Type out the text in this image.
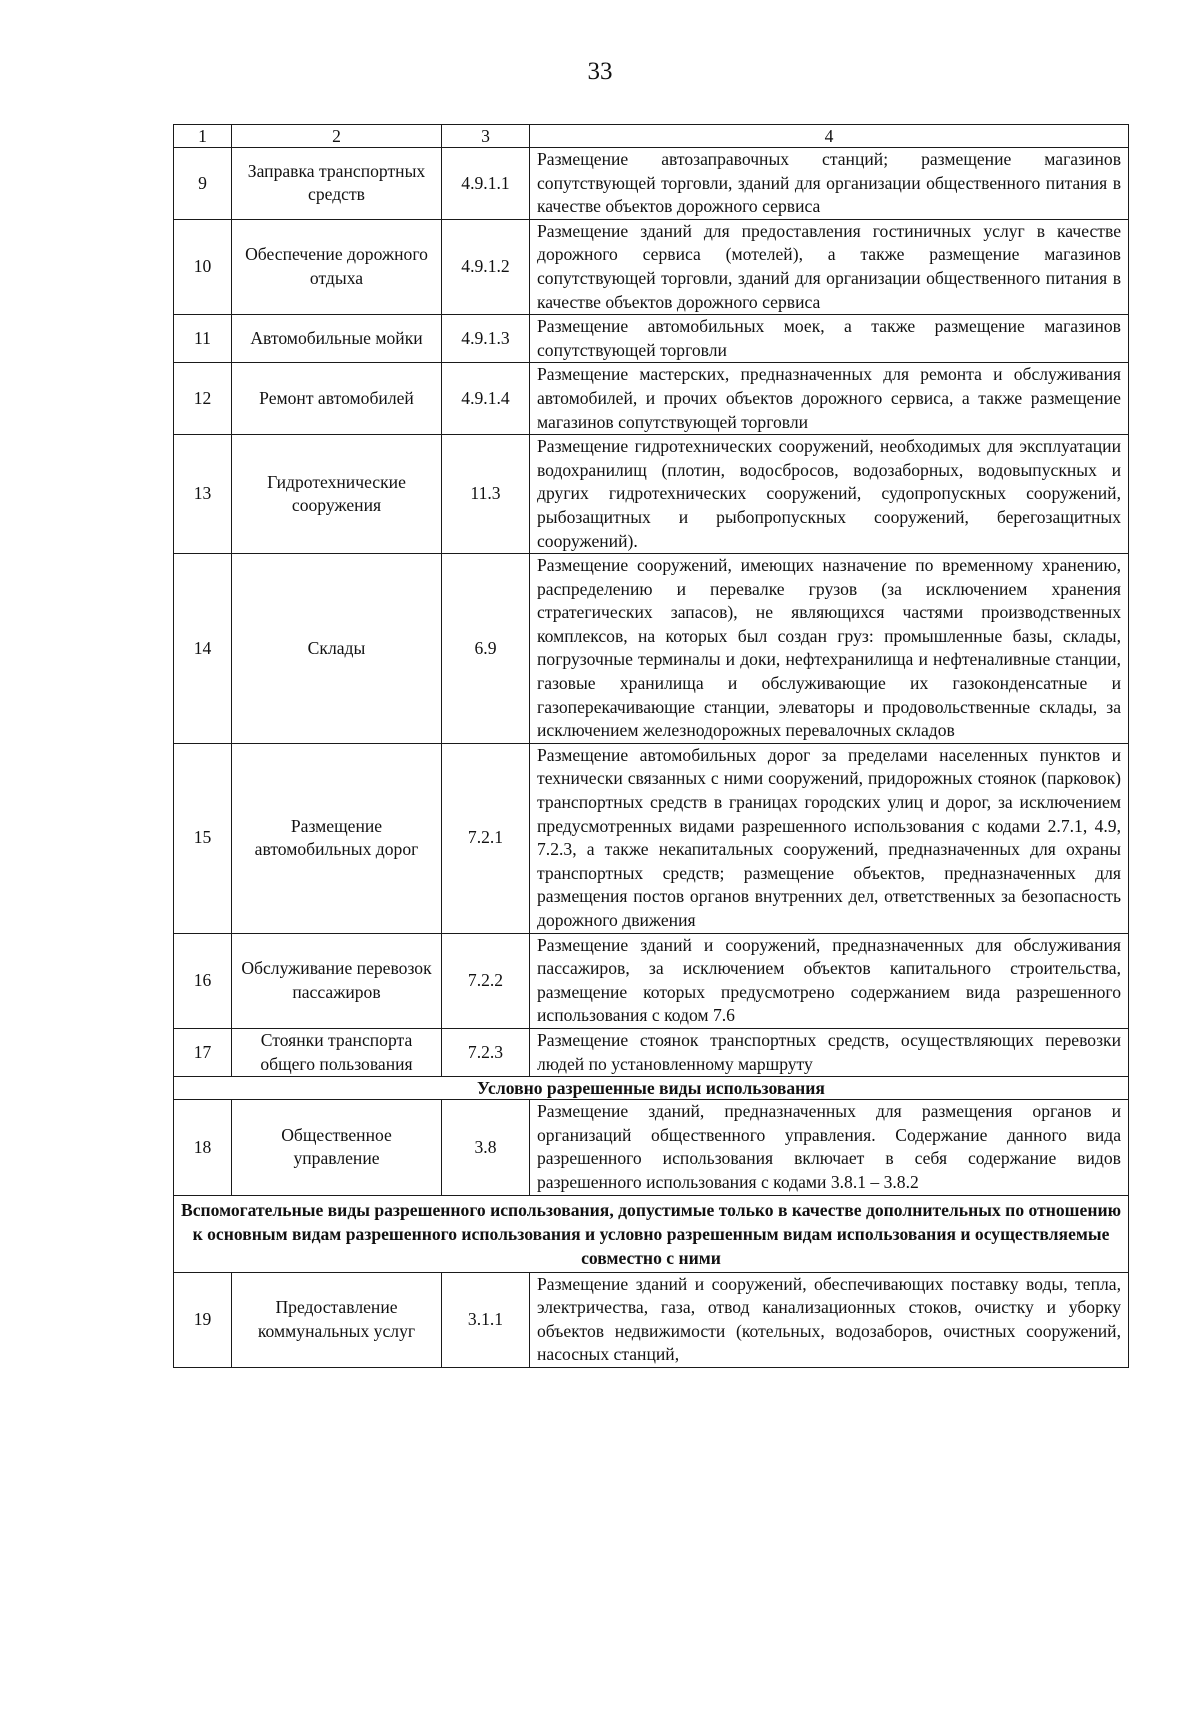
33
1	2	3	4
9	Заправка транспортных средств	4.9.1.1	Размещение автозаправочных станций; размещение магазинов сопутствующей торговли, зданий для организации общественного питания в качестве объектов дорожного сервиса
10	Обеспечение дорожного отдыха	4.9.1.2	Размещение зданий для предоставления гостиничных услуг в качестве дорожного сервиса (мотелей), а также размещение магазинов сопутствующей торговли, зданий для организации общественного питания в качестве объектов дорожного сервиса
11	Автомобильные мойки	4.9.1.3	Размещение автомобильных моек, а также размещение магазинов сопутствующей торговли
12	Ремонт автомобилей	4.9.1.4	Размещение мастерских, предназначенных для ремонта и обслуживания автомобилей, и прочих объектов дорожного сервиса, а также размещение магазинов сопутствующей торговли
13	Гидротехнические сооружения	11.3	Размещение гидротехнических сооружений, необходимых для эксплуатации водохранилищ (плотин, водосбросов, водозаборных, водовыпускных и других гидротехнических сооружений, судопропускных сооружений, рыбозащитных и рыбопропускных сооружений, берегозащитных сооружений).
14	Склады	6.9	Размещение сооружений, имеющих назначение по временному хранению, распределению и перевалке грузов (за исключением хранения стратегических запасов), не являющихся частями производственных комплексов, на которых был создан груз: промышленные базы, склады, погрузочные терминалы и доки, нефтехранилища и нефтеналивные станции, газовые хранилища и обслуживающие их газоконденсатные и газоперекачивающие станции, элеваторы и продовольственные склады, за исключением железнодорожных перевалочных складов
15	Размещение автомобильных дорог	7.2.1	Размещение автомобильных дорог за пределами населенных пунктов и технически связанных с ними сооружений, придорожных стоянок (парковок) транспортных средств в границах городских улиц и дорог, за исключением предусмотренных видами разрешенного использования с кодами 2.7.1, 4.9, 7.2.3, а также некапитальных сооружений, предназначенных для охраны транспортных средств; размещение объектов, предназначенных для размещения постов органов внутренних дел, ответственных за безопасность дорожного движения
16	Обслуживание перевозок пассажиров	7.2.2	Размещение зданий и сооружений, предназначенных для обслуживания пассажиров, за исключением объектов капитального строительства, размещение которых предусмотрено содержанием вида разрешенного использования с кодом 7.6
17	Стоянки транспорта общего пользования	7.2.3	Размещение стоянок транспортных средств, осуществляющих перевозки людей по установленному маршруту
Условно разрешенные виды использования			
18	Общественное управление	3.8	Размещение зданий, предназначенных для размещения органов и организаций общественного управления. Содержание данного вида разрешенного использования включает в себя содержание видов разрешенного использования с кодами 3.8.1 – 3.8.2
Вспомогательные виды разрешенного использования, допустимые только в качестве дополнительных по отношению к основным видам разрешенного использования и условно разрешенным видам использования и осуществляемые совместно с ними			
19	Предоставление коммунальных услуг	3.1.1	Размещение зданий и сооружений, обеспечивающих поставку воды, тепла, электричества, газа, отвод канализационных стоков, очистку и уборку объектов недвижимости (котельных, водозаборов, очистных сооружений, насосных станций,
